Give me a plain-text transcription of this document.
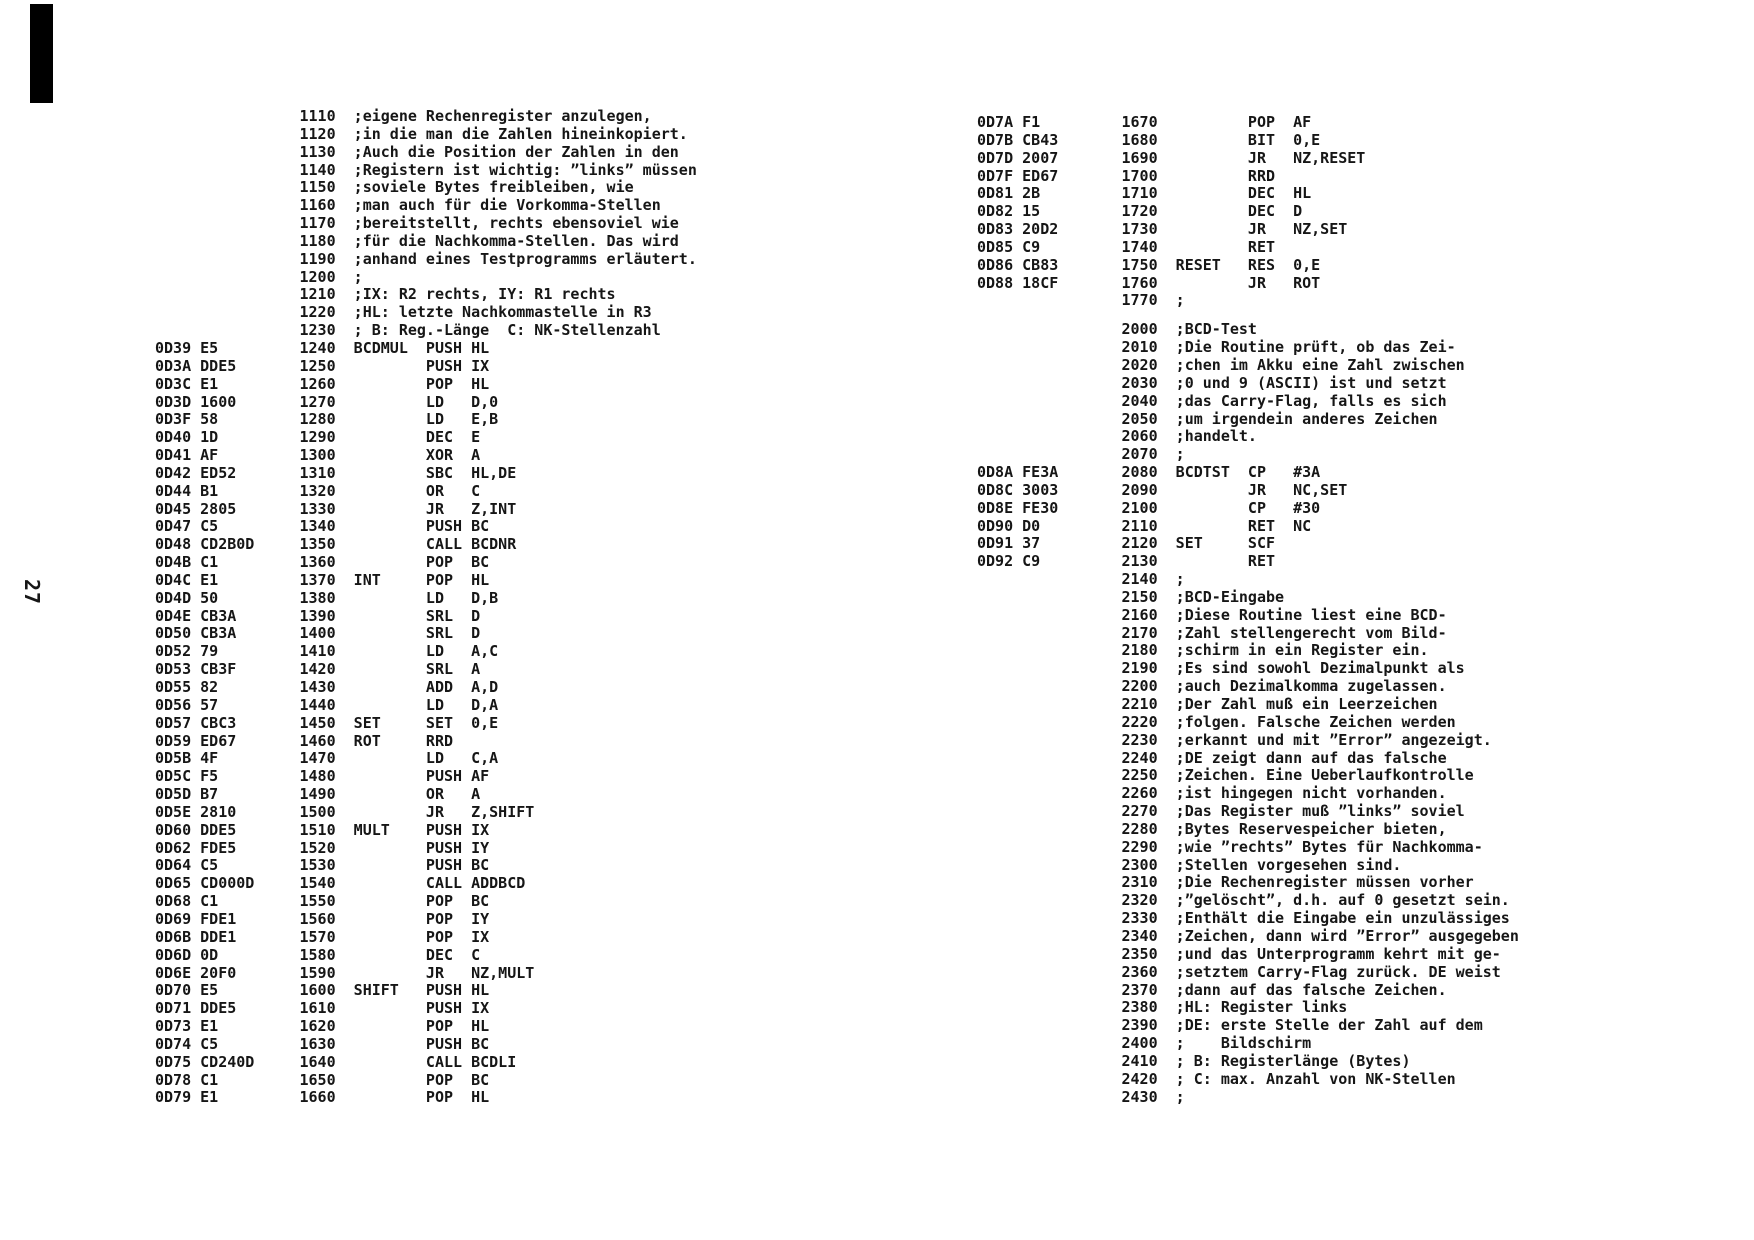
27
1110  ;eigene Rechenregister anzulegen,
1120  ;in die man die Zahlen hineinkopiert.
1130  ;Auch die Position der Zahlen in den
1140  ;Registern ist wichtig: ”links” müssen
1150  ;soviele Bytes freibleiben, wie
1160  ;man auch für die Vorkomma-Stellen
1170  ;bereitstellt, rechts ebensoviel wie
1180  ;für die Nachkomma-Stellen. Das wird
1190  ;anhand eines Testprogramms erläutert.
1200  ;
1210  ;IX: R2 rechts, IY: R1 rechts
1220  ;HL: letzte Nachkommastelle in R3
1230  ; B: Reg.-Länge  C: NK-Stellenzahl
0D39 E5         1240  BCDMUL  PUSH HL
0D3A DDE5       1250          PUSH IX
0D3C E1         1260          POP  HL
0D3D 1600       1270          LD   D,0
0D3F 58         1280          LD   E,B
0D40 1D         1290          DEC  E
0D41 AF         1300          XOR  A
0D42 ED52       1310          SBC  HL,DE
0D44 B1         1320          OR   C
0D45 2805       1330          JR   Z,INT
0D47 C5         1340          PUSH BC
0D48 CD2B0D     1350          CALL BCDNR
0D4B C1         1360          POP  BC
0D4C E1         1370  INT     POP  HL
0D4D 50         1380          LD   D,B
0D4E CB3A       1390          SRL  D
0D50 CB3A       1400          SRL  D
0D52 79         1410          LD   A,C
0D53 CB3F       1420          SRL  A
0D55 82         1430          ADD  A,D
0D56 57         1440          LD   D,A
0D57 CBC3       1450  SET     SET  0,E
0D59 ED67       1460  ROT     RRD
0D5B 4F         1470          LD   C,A
0D5C F5         1480          PUSH AF
0D5D B7         1490          OR   A
0D5E 2810       1500          JR   Z,SHIFT
0D60 DDE5       1510  MULT    PUSH IX
0D62 FDE5       1520          PUSH IY
0D64 C5         1530          PUSH BC
0D65 CD000D     1540          CALL ADDBCD
0D68 C1         1550          POP  BC
0D69 FDE1       1560          POP  IY
0D6B DDE1       1570          POP  IX
0D6D 0D         1580          DEC  C
0D6E 20F0       1590          JR   NZ,MULT
0D70 E5         1600  SHIFT   PUSH HL
0D71 DDE5       1610          PUSH IX
0D73 E1         1620          POP  HL
0D74 C5         1630          PUSH BC
0D75 CD240D     1640          CALL BCDLI
0D78 C1         1650          POP  BC
0D79 E1         1660          POP  HL
0D7A F1         1670          POP  AF
0D7B CB43       1680          BIT  0,E
0D7D 2007       1690          JR   NZ,RESET
0D7F ED67       1700          RRD
0D81 2B         1710          DEC  HL
0D82 15         1720          DEC  D
0D83 20D2       1730          JR   NZ,SET
0D85 C9         1740          RET
0D86 CB83       1750  RESET   RES  0,E
0D88 18CF       1760          JR   ROT
1770  ;
2000  ;BCD-Test
2010  ;Die Routine prüft, ob das Zei-
2020  ;chen im Akku eine Zahl zwischen
2030  ;0 und 9 (ASCII) ist und setzt
2040  ;das Carry-Flag, falls es sich
2050  ;um irgendein anderes Zeichen
2060  ;handelt.
2070  ;
0D8A FE3A       2080  BCDTST  CP   #3A
0D8C 3003       2090          JR   NC,SET
0D8E FE30       2100          CP   #30
0D90 D0         2110          RET  NC
0D91 37         2120  SET     SCF
0D92 C9         2130          RET
2140  ;
2150  ;BCD-Eingabe
2160  ;Diese Routine liest eine BCD-
2170  ;Zahl stellengerecht vom Bild-
2180  ;schirm in ein Register ein.
2190  ;Es sind sowohl Dezimalpunkt als
2200  ;auch Dezimalkomma zugelassen.
2210  ;Der Zahl muß ein Leerzeichen
2220  ;folgen. Falsche Zeichen werden
2230  ;erkannt und mit ”Error” angezeigt.
2240  ;DE zeigt dann auf das falsche
2250  ;Zeichen. Eine Ueberlaufkontrolle
2260  ;ist hingegen nicht vorhanden.
2270  ;Das Register muß ”links” soviel
2280  ;Bytes Reservespeicher bieten,
2290  ;wie ”rechts” Bytes für Nachkomma-
2300  ;Stellen vorgesehen sind.
2310  ;Die Rechenregister müssen vorher
2320  ;”gelöscht”, d.h. auf 0 gesetzt sein.
2330  ;Enthält die Eingabe ein unzulässiges
2340  ;Zeichen, dann wird ”Error” ausgegeben
2350  ;und das Unterprogramm kehrt mit ge-
2360  ;setztem Carry-Flag zurück. DE weist
2370  ;dann auf das falsche Zeichen.
2380  ;HL: Register links
2390  ;DE: erste Stelle der Zahl auf dem
2400  ;    Bildschirm
2410  ; B: Registerlänge (Bytes)
2420  ; C: max. Anzahl von NK-Stellen
2430  ;
